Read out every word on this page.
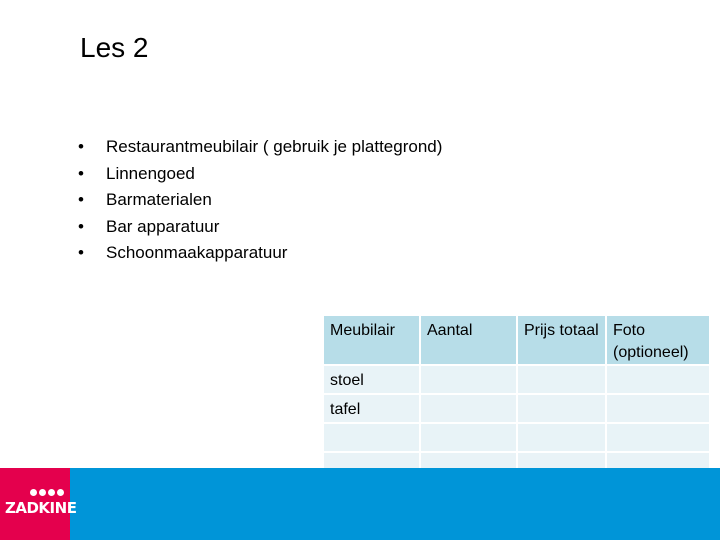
Les 2
• Restaurantmeubilair ( gebruik je plattegrond)
• Linnengoed
• Barmaterialen
• Bar apparatuur
• Schoonmaakapparatuur
Meubilair	Aantal	Prijs totaal	Foto (optioneel)
stoel			
tafel			

ZADKINE
